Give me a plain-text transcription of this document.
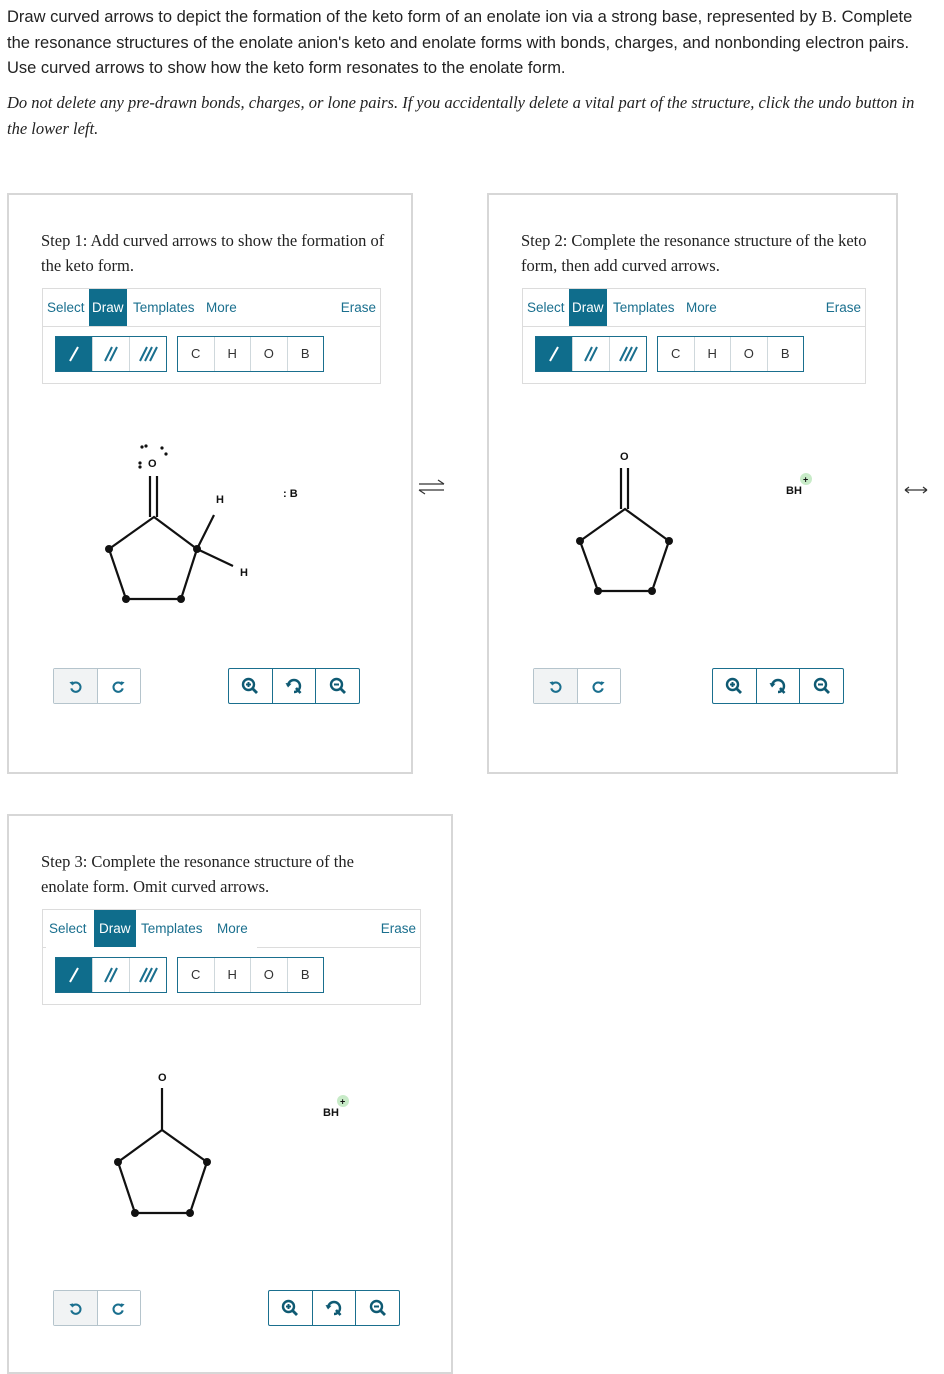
Draw curved arrows to depict the formation of the keto form of an enolate ion via a strong base, represented by B. Complete the resonance structures of the enolate anion's keto and enolate forms with bonds, charges, and nonbonding electron pairs. Use curved arrows to show how the keto form resonates to the enolate form.

Do not delete any pre-drawn bonds, charges, or lone pairs. If you accidentally delete a vital part of the structure, click the undo button in the lower left.
Step 1: Add curved arrows to show the formation of the keto form.
Select Draw Templates More	Erase
C	H	O	B
O
H
H
: B
Step 2: Complete the resonance structure of the keto form, then add curved arrows.
Select Draw Templates More	Erase
C	H	O	B
O
BH
+
Step 3: Complete the resonance structure of the enolate form. Omit curved arrows.
Select Draw Templates More	Erase
C	H	O	B
O
BH
+
